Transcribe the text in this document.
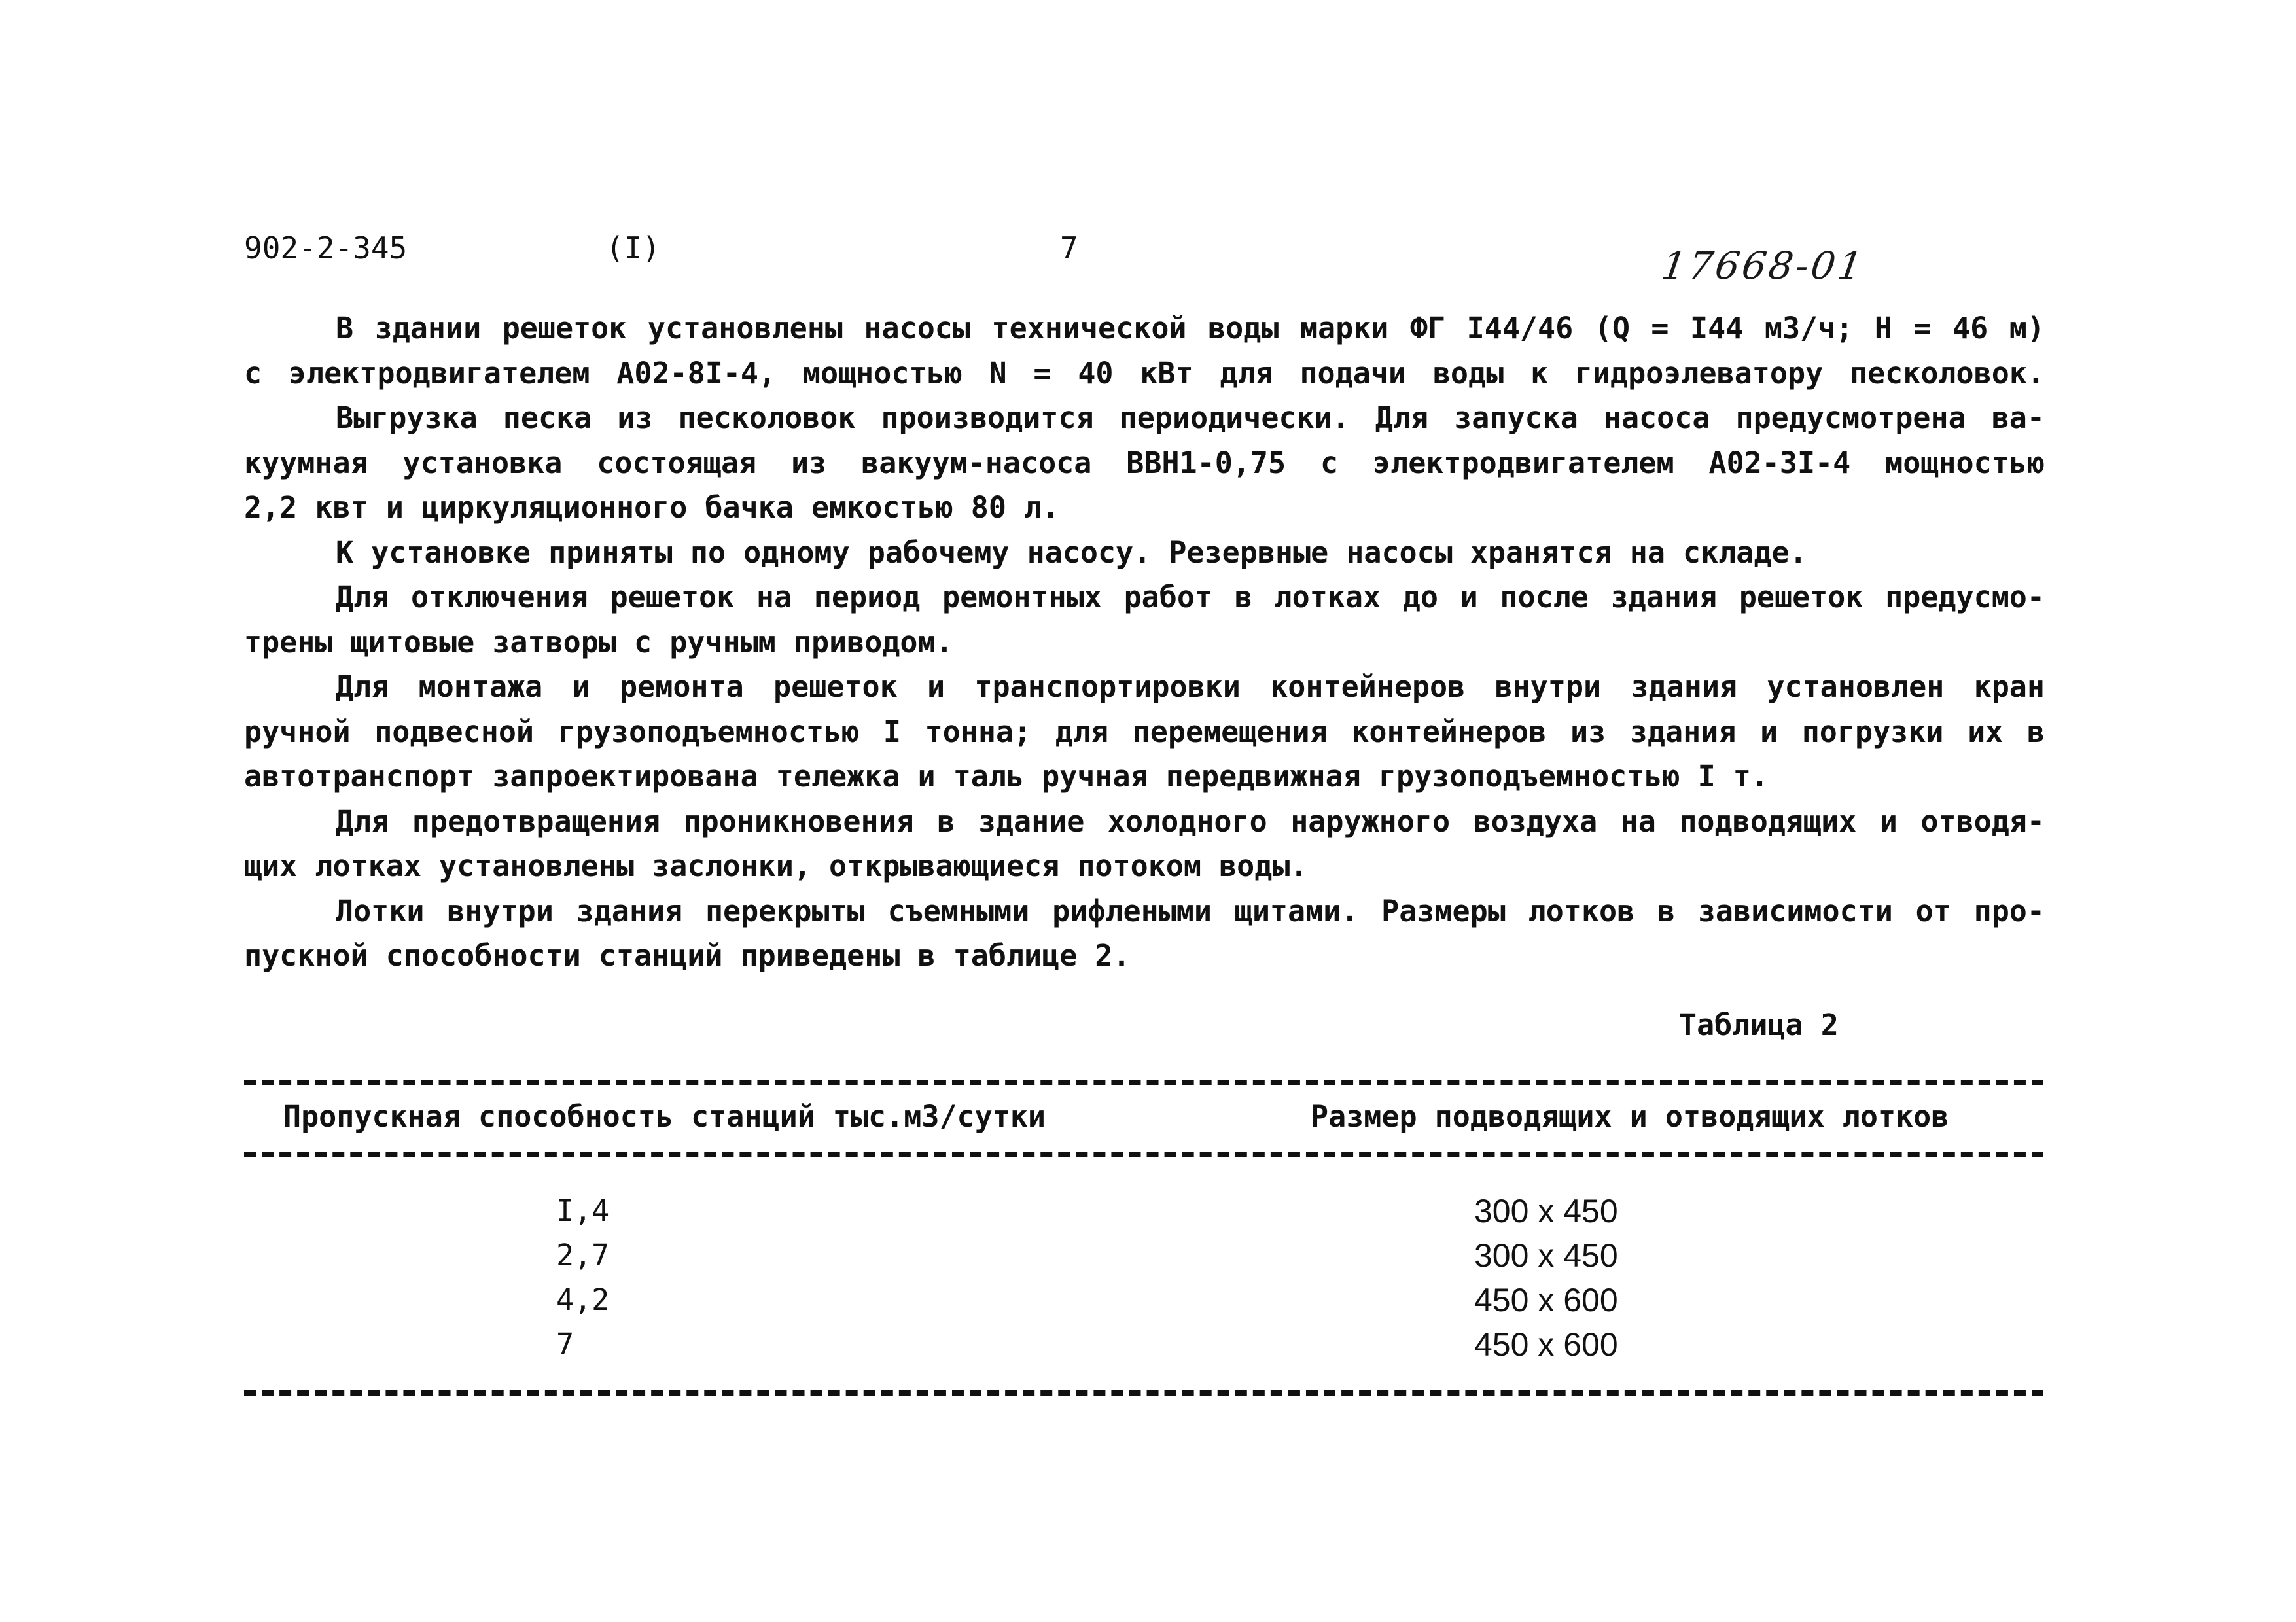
902-2-345	(I)	7	17668-01
В здании решеток установлены насосы технической воды марки ФГ I44/46 (Q = I44 м3/ч; Н = 46 м)
с электродвигателем А02-8I-4, мощностью N = 40 кВт для подачи воды к гидроэлеватору песколовок.
Выгрузка песка из песколовок производится периодически. Для запуска насоса предусмотрена ва-
куумная установка состоящая из вакуум-насоса ВВН1-0,75 с электродвигателем А02-3I-4 мощностью
2,2 квт и циркуляционного бачка емкостью 80 л.
К установке приняты по одному рабочему насосу. Резервные насосы хранятся на складе.
Для отключения решеток на период ремонтных работ в лотках до и после здания решеток предусмо-
трены щитовые затворы с ручным приводом.
Для монтажа и ремонта решеток и транспортировки контейнеров внутри здания установлен кран
ручной подвесной грузоподъемностью I тонна; для перемещения контейнеров из здания и погрузки их в
автотранспорт запроектирована тележка и таль ручная передвижная грузоподъемностью I т.
Для предотвращения проникновения в здание холодного наружного воздуха на подводящих и отводя-
щих лотках установлены заслонки, открывающиеся потоком воды.
Лотки внутри здания перекрыты съемными рифлеными щитами. Размеры лотков в зависимости от про-
пускной способности станций приведены в таблице 2.
Таблица 2
Пропускная способность станций тыс.м3/сутки	Размер подводящих и отводящих лотков
I,4	300 х 450
2,7	300 х 450
4,2	450 х 600
7	450 х 600
